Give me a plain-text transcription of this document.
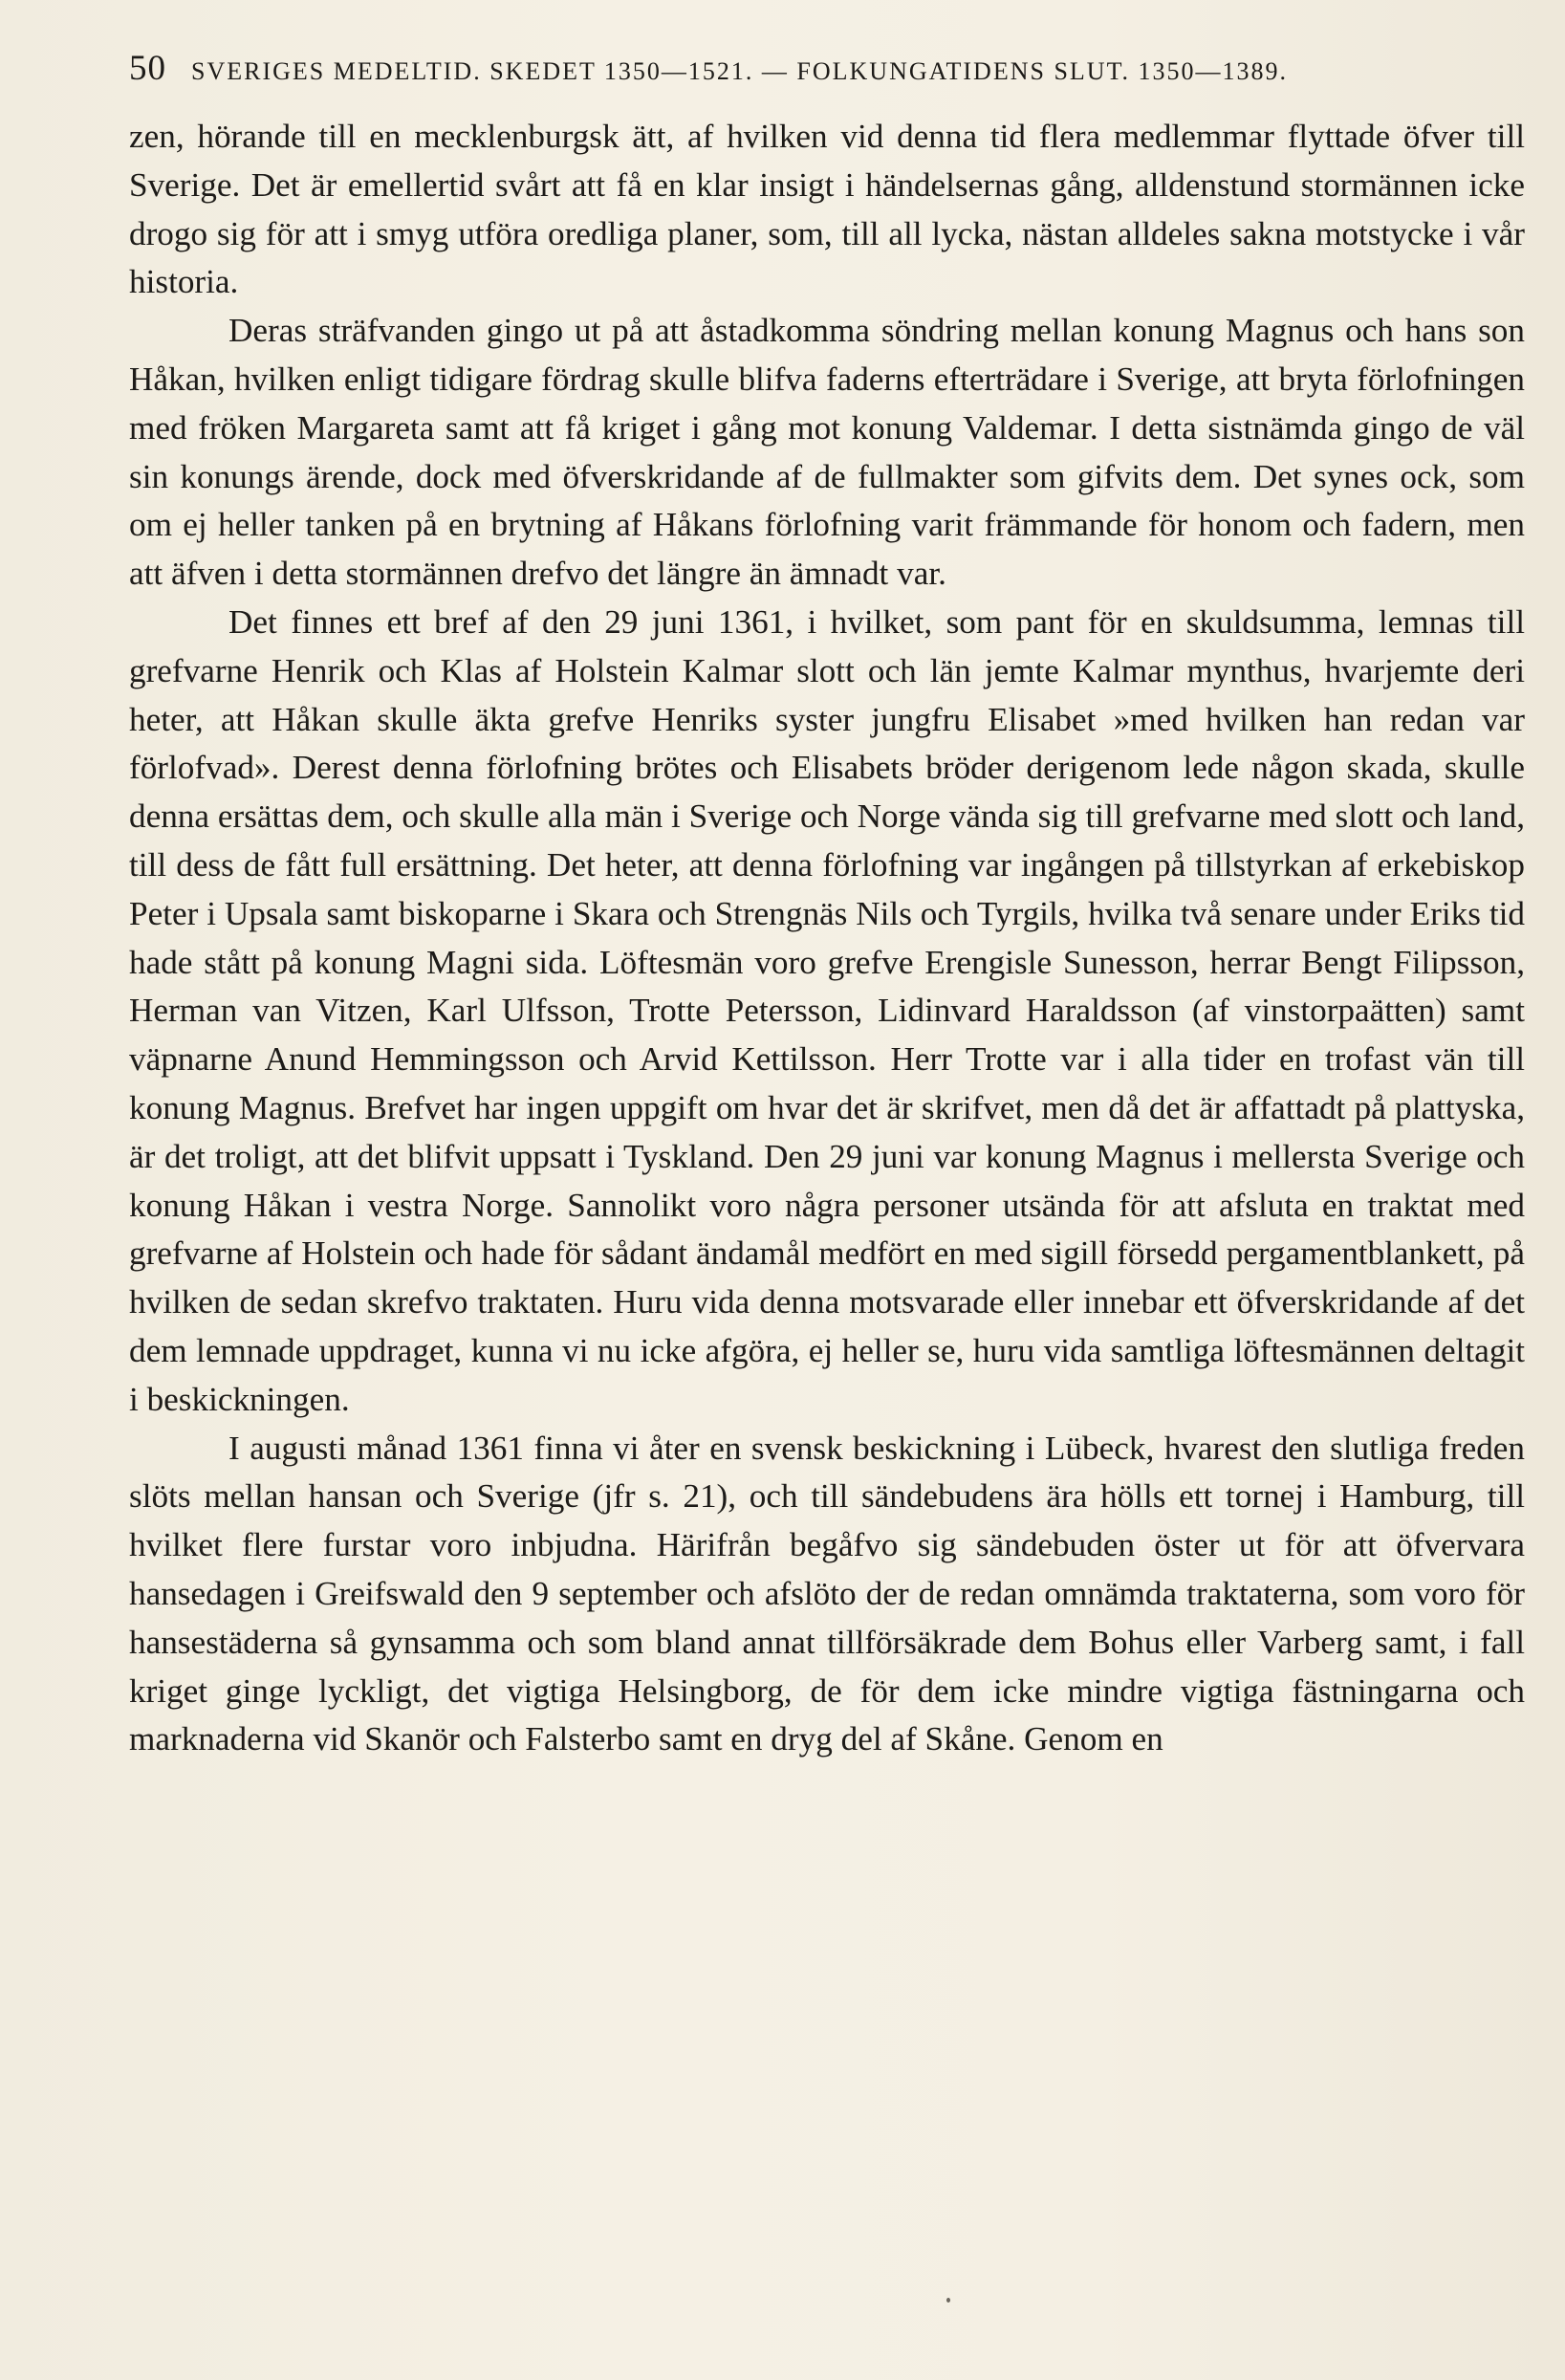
50 SVERIGES MEDELTID. SKEDET 1350—1521. — FOLKUNGATIDENS SLUT. 1350—1389.

zen, hörande till en mecklenburgsk ätt, af hvilken vid denna tid flera medlemmar flyttade öfver till Sverige. Det är emellertid svårt att få en klar insigt i händelsernas gång, alldenstund stormännen icke drogo sig för att i smyg utföra oredliga planer, som, till all lycka, nästan alldeles sakna motstycke i vår historia.

Deras sträfvanden gingo ut på att åstadkomma söndring mellan konung Magnus och hans son Håkan, hvilken enligt tidigare fördrag skulle blifva faderns efterträdare i Sverige, att bryta förlofningen med fröken Margareta samt att få kriget i gång mot konung Valdemar. I detta sistnämda gingo de väl sin konungs ärende, dock med öfverskridande af de fullmakter som gifvits dem. Det synes ock, som om ej heller tanken på en brytning af Håkans förlofning varit främmande för honom och fadern, men att äfven i detta stormännen drefvo det längre än ämnadt var.

Det finnes ett bref af den 29 juni 1361, i hvilket, som pant för en skuldsumma, lemnas till grefvarne Henrik och Klas af Holstein Kalmar slott och län jemte Kalmar mynthus, hvarjemte deri heter, att Håkan skulle äkta grefve Henriks syster jungfru Elisabet »med hvilken han redan var förlofvad». Derest denna förlofning brötes och Elisabets bröder derigenom lede någon skada, skulle denna ersättas dem, och skulle alla män i Sverige och Norge vända sig till grefvarne med slott och land, till dess de fått full ersättning. Det heter, att denna förlofning var ingången på tillstyrkan af erkebiskop Peter i Upsala samt biskoparne i Skara och Strengnäs Nils och Tyrgils, hvilka två senare under Eriks tid hade stått på konung Magni sida. Löftesmän voro grefve Erengisle Sunesson, herrar Bengt Filipsson, Herman van Vitzen, Karl Ulfsson, Trotte Petersson, Lidinvard Haraldsson (af vinstorpaätten) samt väpnarne Anund Hemmingsson och Arvid Kettilsson. Herr Trotte var i alla tider en trofast vän till konung Magnus. Brefvet har ingen uppgift om hvar det är skrifvet, men då det är affattadt på plattyska, är det troligt, att det blifvit uppsatt i Tyskland. Den 29 juni var konung Magnus i mellersta Sverige och konung Håkan i vestra Norge. Sannolikt voro några personer utsända för att afsluta en traktat med grefvarne af Holstein och hade för sådant ändamål medfört en med sigill försedd pergamentblankett, på hvilken de sedan skrefvo traktaten. Huru vida denna motsvarade eller innebar ett öfverskridande af det dem lemnade uppdraget, kunna vi nu icke afgöra, ej heller se, huru vida samtliga löftesmännen deltagit i beskickningen.

I augusti månad 1361 finna vi åter en svensk beskickning i Lübeck, hvarest den slutliga freden slöts mellan hansan och Sverige (jfr s. 21), och till sändebudens ära hölls ett tornej i Hamburg, till hvilket flere furstar voro inbjudna. Härifrån begåfvo sig sändebuden öster ut för att öfvervara hansedagen i Greifswald den 9 september och afslöto der de redan omnämda traktaterna, som voro för hansestäderna så gynsamma och som bland annat tillförsäkrade dem Bohus eller Varberg samt, i fall kriget ginge lyckligt, det vigtiga Helsingborg, de för dem icke mindre vigtiga fästningarna och marknaderna vid Skanör och Falsterbo samt en dryg del af Skåne. Genom en
